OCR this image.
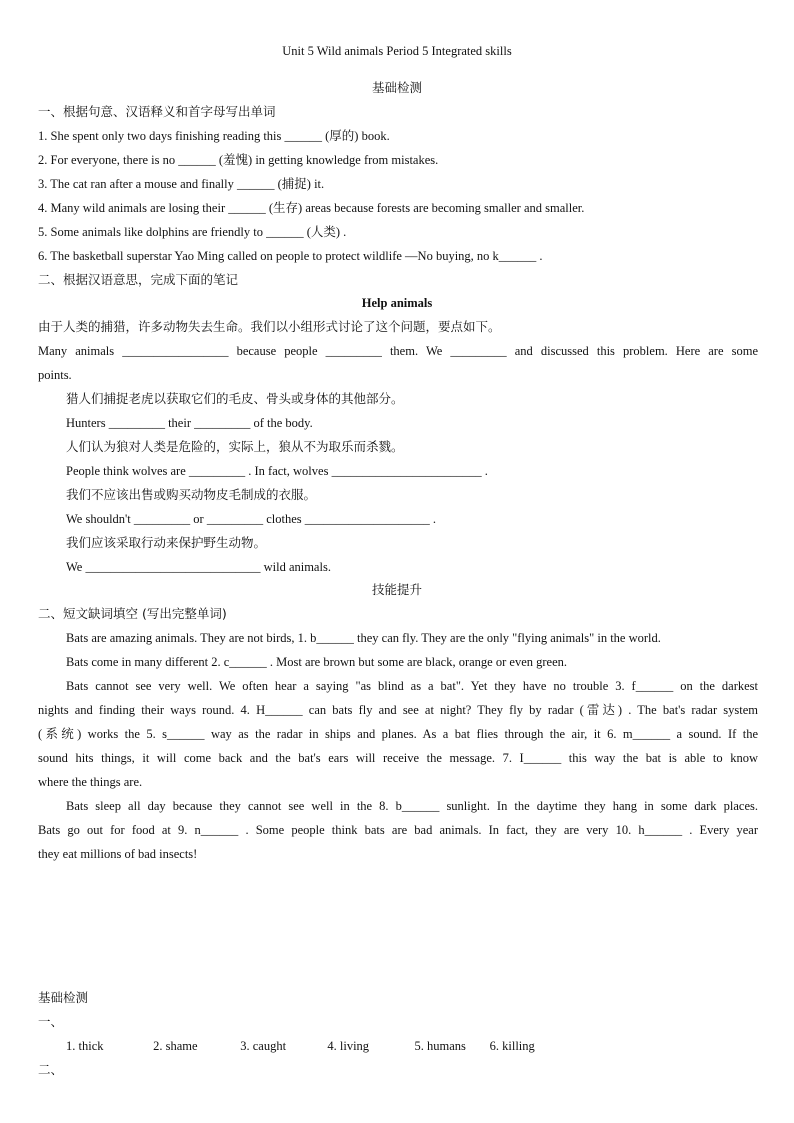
Unit 5 Wild animals Period 5 Integrated skills
基础检测
一、根据句意、汉语释义和首字母写出单词
1. She spent only two days finishing reading this ______ (厚的) book.
2. For everyone, there is no ______ (羞愧) in getting knowledge from mistakes.
3. The cat ran after a mouse and finally ______ (捕捉) it.
4. Many wild animals are losing their ______ (生存) areas because forests are becoming smaller and smaller.
5. Some animals like dolphins are friendly to ______ (人类) .
6. The basketball superstar Yao Ming called on people to protect wildlife —No buying, no k______ .
二、根据汉语意思，完成下面的笔记
Help animals
由于人类的捕猎，许多动物失去生命。我们以小组形式讨论了这个问题，要点如下。
Many animals _________________ because people _________ them. We _________ and discussed this problem. Here are some
points.
猎人们捕捉老虎以获取它们的毛皮、骨头或身体的其他部分。
Hunters _________ their _________ of the body.
人们认为狼对人类是危险的，实际上，狼从不为取乐而杀戮。
People think wolves are _________ . In fact, wolves ________________________ .
我们不应该出售或购买动物皮毛制成的衣服。
We shouldn't _________ or _________ clothes ____________________ .
我们应该采取行动来保护野生动物。
We ____________________________ wild animals.
技能提升
二、短文缺词填空 (写出完整单词)
Bats are amazing animals. They are not birds, 1. b______ they can fly. They are the only "flying animals" in the world.
Bats come in many different 2. c______ . Most are brown but some are black, orange or even green.
Bats cannot see very well. We often hear a saying "as blind as a bat". Yet they have no trouble 3. f______ on the darkest
nights and finding their ways round. 4. H______ can bats fly and see at night? They fly by radar (雷达) . The bat's radar system
(系统) works the 5. s______ way as the radar in ships and planes. As a bat flies through the air, it 6. m______ a sound. If the
sound hits things, it will come back and the bat's ears will receive the message. 7. I______ this way the bat is able to know
where the things are.
Bats sleep all day because they cannot see well in the 8. b______ sunlight. In the daytime they hang in some dark places.
Bats go out for food at 9. n______ . Some people think bats are bad animals. In fact, they are very 10. h______ . Every year
they eat millions of bad insects!
基础检测
一、
1. thick	2. shame	3. caught	4. living	5. humans 6. killing
二、
